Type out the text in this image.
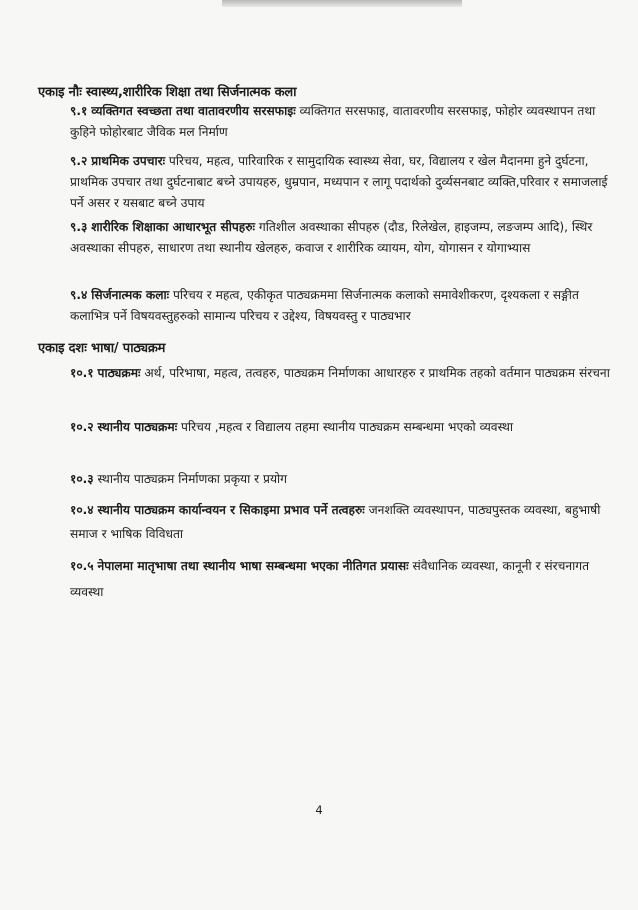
एकाइ नौः स्वास्थ्य,शारीरिक शिक्षा तथा सिर्जनात्मक कला
९.१ व्यक्तिगत स्वच्छता तथा वातावरणीय सरसफाइः व्यक्तिगत सरसफाइ, वातावरणीय सरसफाइ, फोहोर व्यवस्थापन तथा कुहिने फोहोरबाट जैविक मल निर्माण
९.२ प्राथमिक उपचारः परिचय, महत्व, पारिवारिक र सामुदायिक स्वास्थ्य सेवा, घर, विद्यालय र खेल मैदानमा हुने दुर्घटना, प्राथमिक उपचार तथा दुर्घटनाबाट बच्ने उपायहरु, धुम्रपान, मध्यपान र लागू पदार्थको दुर्व्यसनबाट व्यक्ति,परिवार र समाजलाई पर्ने असर र यसबाट बच्ने उपाय
९.३ शारीरिक शिक्षाका आधारभूत सीपहरुः गतिशील अवस्थाका सीपहरु (दौड, रिलेखेल, हाइजम्प, लङजम्प आदि), स्थिर अवस्थाका सीपहरु, साधारण तथा स्थानीय खेलहरु, कवाज र शारीरिक व्यायम, योग, योगासन र योगाभ्यास
९.४ सिर्जनात्मक कलाः परिचय र महत्व, एकीकृत पाठ्यक्रममा सिर्जनात्मक कलाको समावेशीकरण, दृश्यकला र सङ्गीत कलाभित्र पर्ने विषयवस्तुहरुको सामान्य परिचय र उद्देश्य, विषयवस्तु र पाठ्यभार
एकाइ दशः भाषा/ पाठ्यक्रम
१०.१ पाठ्यक्रमः अर्थ, परिभाषा, महत्व, तत्वहरु, पाठ्यक्रम निर्माणका आधारहरु र प्राथमिक तहको वर्तमान पाठ्यक्रम संरचना
१०.२ स्थानीय पाठ्यक्रमः परिचय ,महत्व र विद्यालय तहमा स्थानीय पाठ्यक्रम सम्बन्धमा भएको व्यवस्था
१०.३ स्थानीय पाठ्यक्रम निर्माणका प्रकृया र प्रयोग
१०.४ स्थानीय पाठ्यक्रम कार्यान्वयन र सिकाइमा प्रभाव पर्ने तत्वहरुः जनशक्ति व्यवस्थापन, पाठ्यपुस्तक व्यवस्था, बहुभाषी समाज र भाषिक विविधता
१०.५ नेपालमा मातृभाषा तथा स्थानीय भाषा सम्बन्धमा भएका नीतिगत प्रयासः संवैधानिक व्यवस्था, कानूनी र संरचनागत व्यवस्था
4
